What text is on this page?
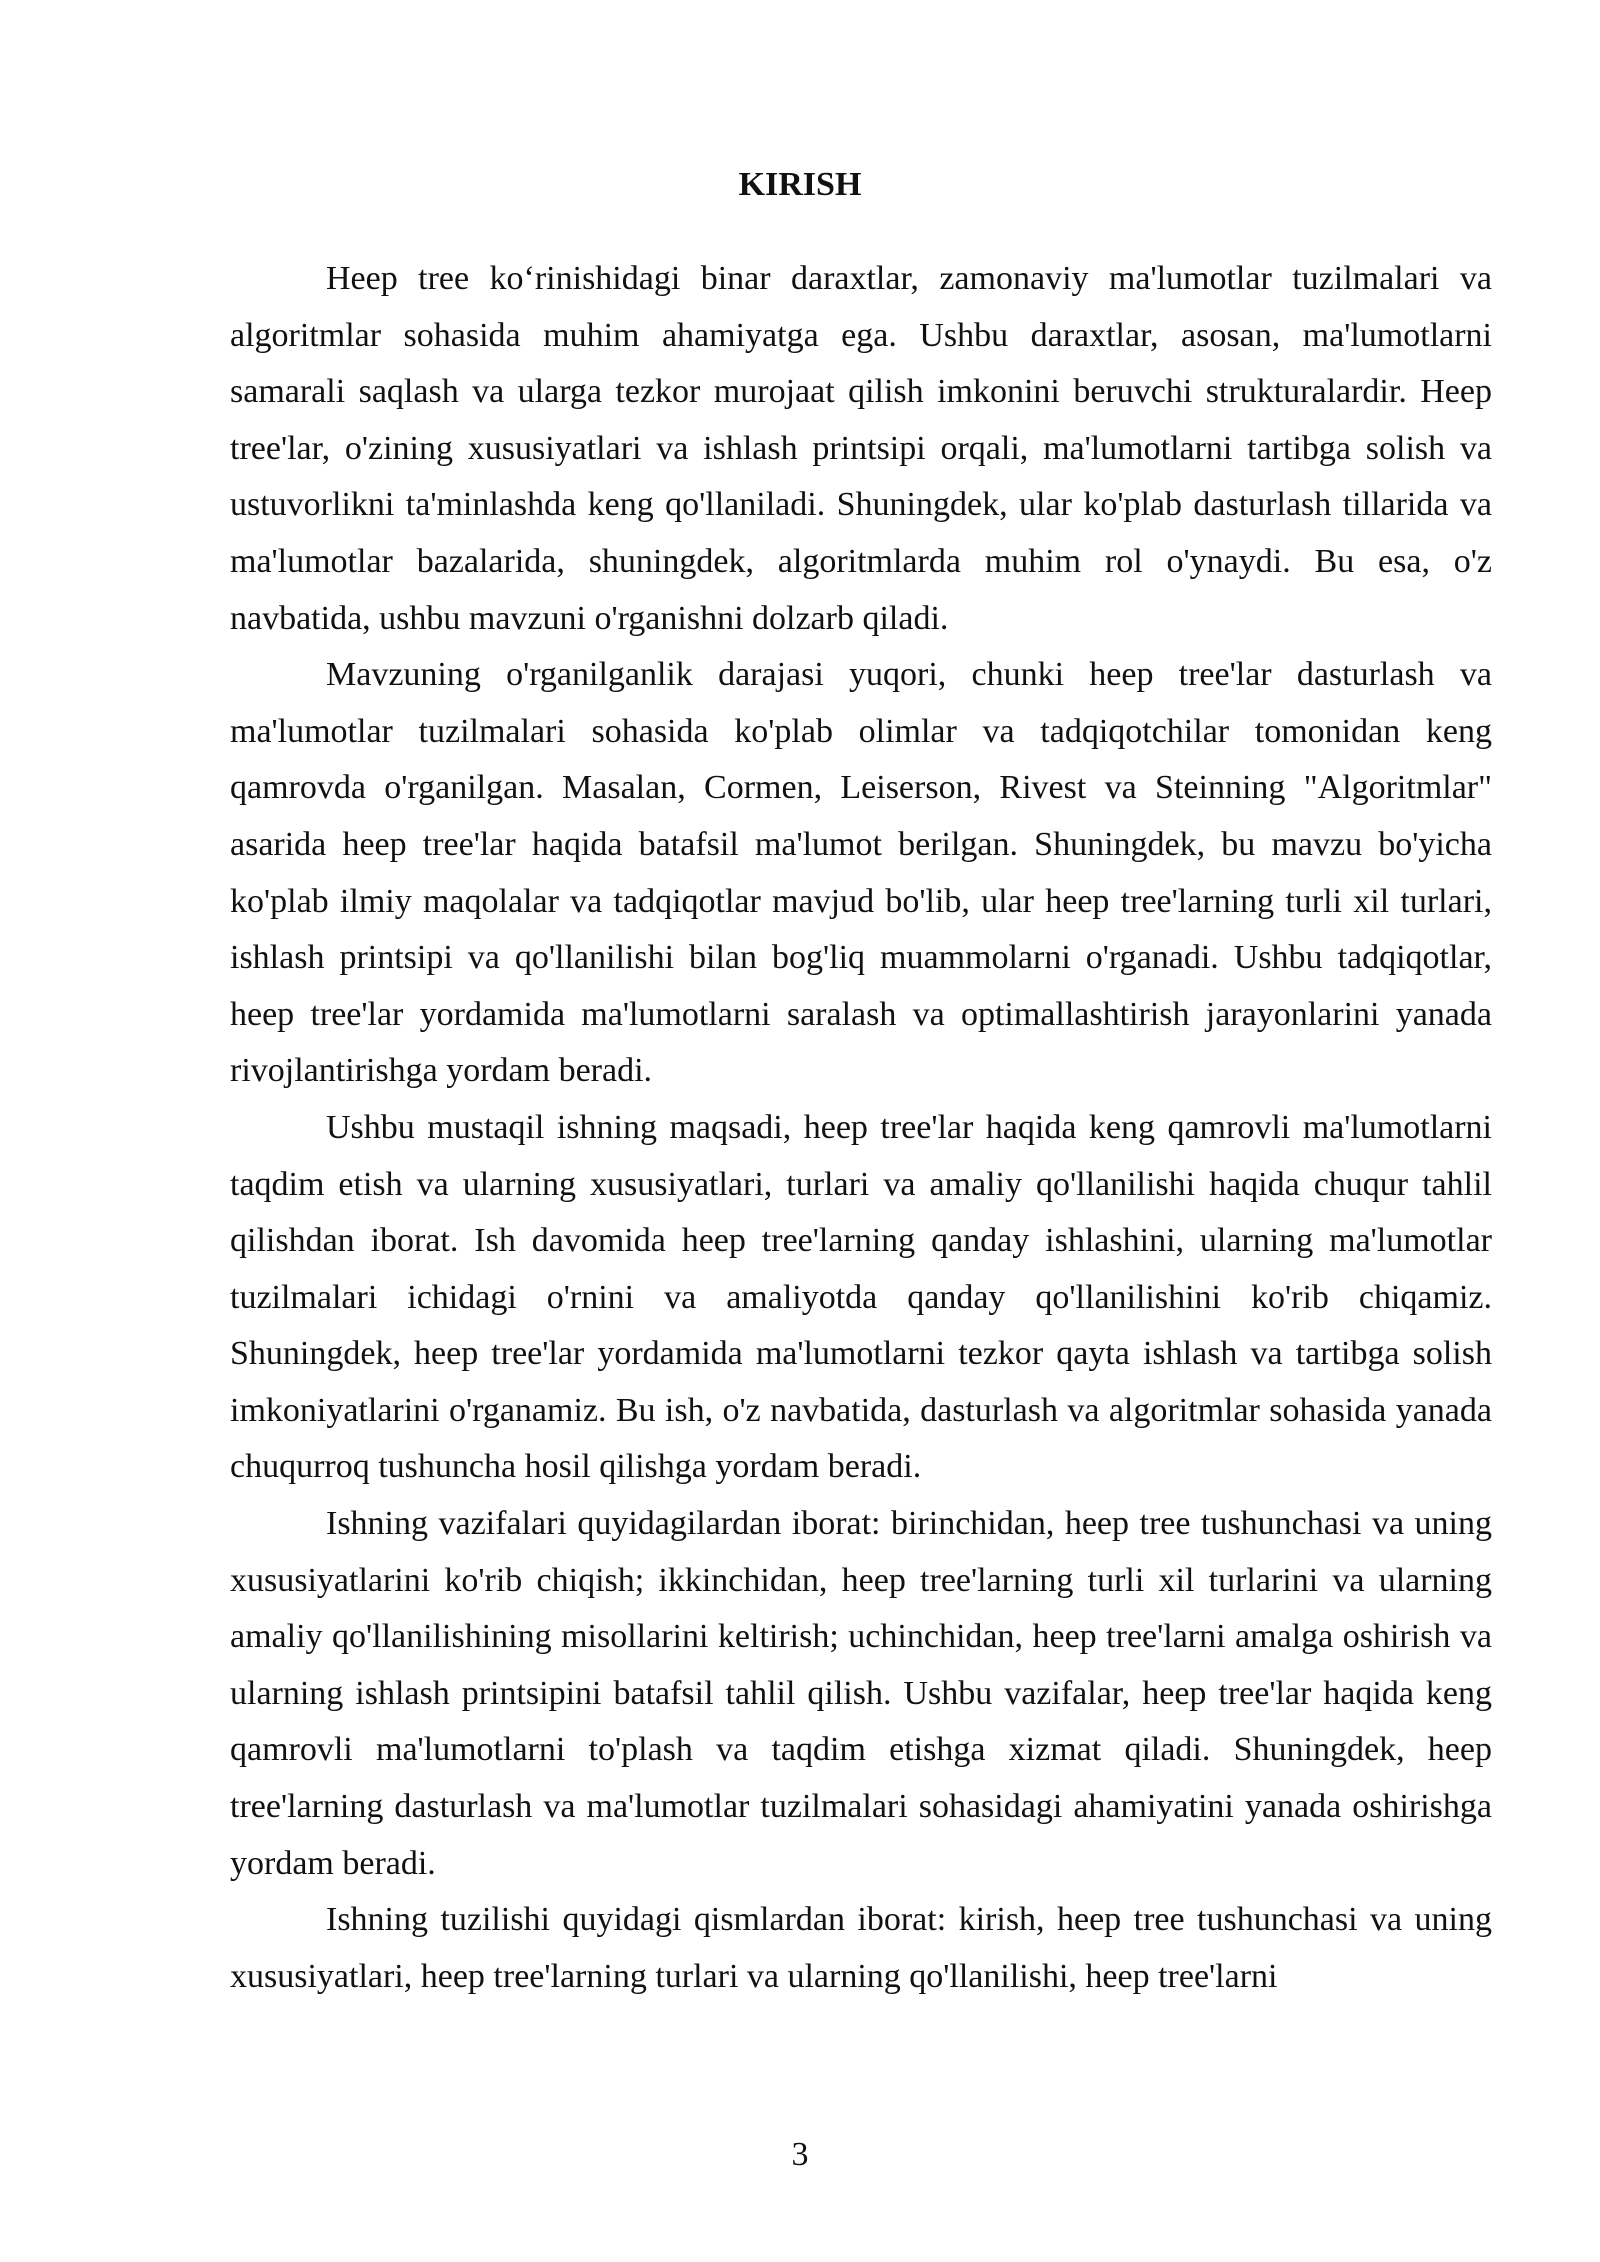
KIRISH

Heep tree ko‘rinishidagi binar daraxtlar, zamonaviy ma'lumotlar tuzilmalari va algoritmlar sohasida muhim ahamiyatga ega. Ushbu daraxtlar, asosan, ma'lumotlarni samarali saqlash va ularga tezkor murojaat qilish imkonini beruvchi strukturalardir. Heep tree'lar, o'zining xususiyatlari va ishlash printsipi orqali, ma'lumotlarni tartibga solish va ustuvorlikni ta'minlashda keng qo'llaniladi. Shuningdek, ular ko'plab dasturlash tillarida va ma'lumotlar bazalarida, shuningdek, algoritmlarda muhim rol o'ynaydi. Bu esa, o'z navbatida, ushbu mavzuni o'rganishni dolzarb qiladi.

Mavzuning o'rganilganlik darajasi yuqori, chunki heep tree'lar dasturlash va ma'lumotlar tuzilmalari sohasida ko'plab olimlar va tadqiqotchilar tomonidan keng qamrovda o'rganilgan. Masalan, Cormen, Leiserson, Rivest va Steinning "Algoritmlar" asarida heep tree'lar haqida batafsil ma'lumot berilgan. Shuningdek, bu mavzu bo'yicha ko'plab ilmiy maqolalar va tadqiqotlar mavjud bo'lib, ular heep tree'larning turli xil turlari, ishlash printsipi va qo'llanilishi bilan bog'liq muammolarni o'rganadi. Ushbu tadqiqotlar, heep tree'lar yordamida ma'lumotlarni saralash va optimallashtirish jarayonlarini yanada rivojlantirishga yordam beradi.

Ushbu mustaqil ishning maqsadi, heep tree'lar haqida keng qamrovli ma'lumotlarni taqdim etish va ularning xususiyatlari, turlari va amaliy qo'llanilishi haqida chuqur tahlil qilishdan iborat. Ish davomida heep tree'larning qanday ishlashini, ularning ma'lumotlar tuzilmalari ichidagi o'rnini va amaliyotda qanday qo'llanilishini ko'rib chiqamiz. Shuningdek, heep tree'lar yordamida ma'lumotlarni tezkor qayta ishlash va tartibga solish imkoniyatlarini o'rganamiz. Bu ish, o'z navbatida, dasturlash va algoritmlar sohasida yanada chuqurroq tushuncha hosil qilishga yordam beradi.

Ishning vazifalari quyidagilardan iborat: birinchidan, heep tree tushunchasi va uning xususiyatlarini ko'rib chiqish; ikkinchidan, heep tree'larning turli xil turlarini va ularning amaliy qo'llanilishining misollarini keltirish; uchinchidan, heep tree'larni amalga oshirish va ularning ishlash printsipini batafsil tahlil qilish. Ushbu vazifalar, heep tree'lar haqida keng qamrovli ma'lumotlarni to'plash va taqdim etishga xizmat qiladi. Shuningdek, heep tree'larning dasturlash va ma'lumotlar tuzilmalari sohasidagi ahamiyatini yanada oshirishga yordam beradi.

Ishning tuzilishi quyidagi qismlardan iborat: kirish, heep tree tushunchasi va uning xususiyatlari, heep tree'larning turlari va ularning qo'llanilishi, heep tree'larni

3
